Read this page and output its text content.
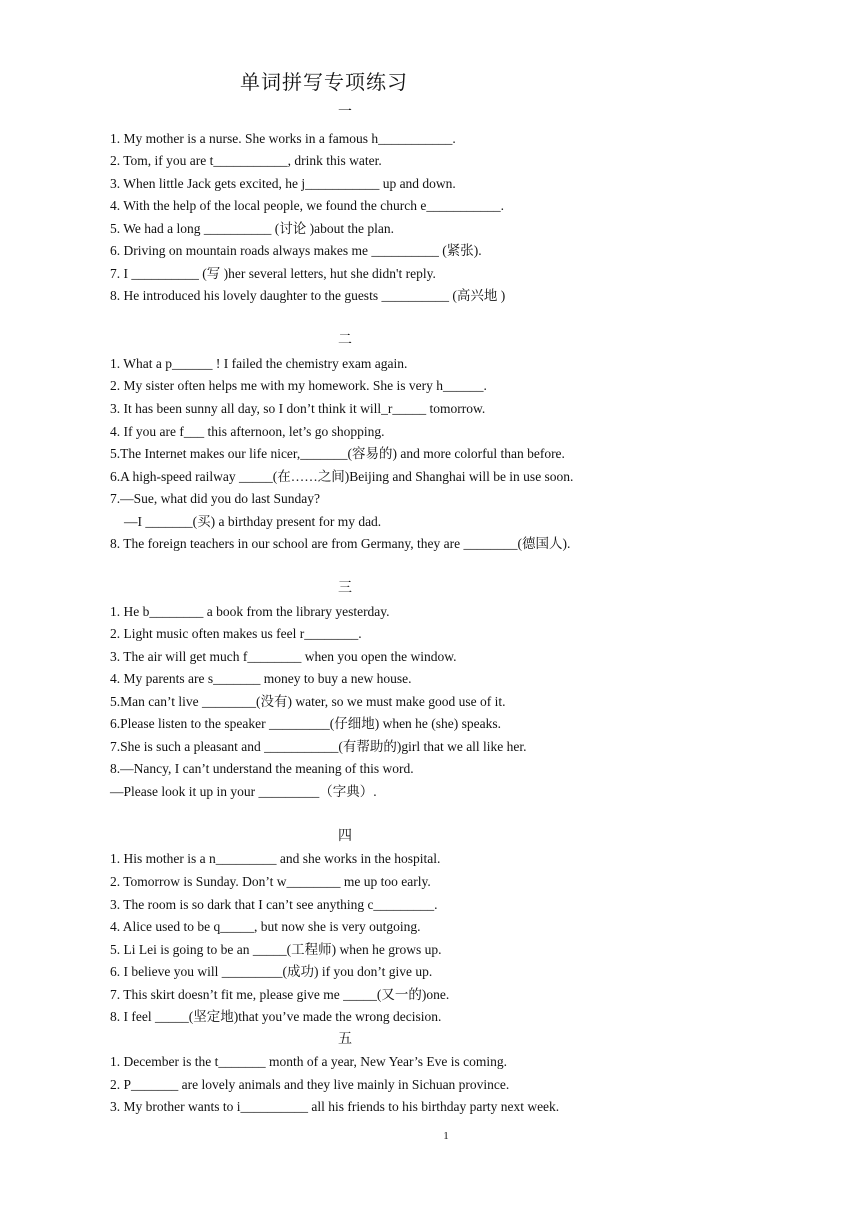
单词拼写专项练习
一
1. My mother is a nurse. She works in a famous h___________.
2. Tom, if you are t___________, drink this water.
3. When little Jack gets excited, he j___________ up and down.
4. With the help of the local people, we found the church e___________.
5. We had a long __________ (讨论 )about the plan.
6. Driving on mountain roads always makes me __________ (紧张).
7. I __________ (写 )her several letters, hut she didn't reply.
8. He introduced his lovely daughter to the guests __________ (高兴地 )
二
1. What a p______ ! I failed the chemistry exam again.
2. My sister often helps me with my homework. She is very h______.
3. It has been sunny all day, so I don’t think it will_r_____ tomorrow.
4. If you are f___ this afternoon, let’s go shopping.
5.The Internet makes our life nicer,_______(容易的) and more colorful than before.
6.A high-speed railway _____(在……之间)Beijing and Shanghai will be in use soon.
7.—Sue, what did you do last Sunday?
—I _______(买) a birthday present for my dad.
8. The foreign teachers in our school are from Germany, they are ________(德国人).
三
1. He b________ a book from the library yesterday.
2. Light music often makes us feel r________.
3. The air will get much f________ when you open the window.
4. My parents are s_______ money to buy a new house.
5.Man can’t live ________(没有) water, so we must make good use of it.
6.Please listen to the speaker _________(仔细地) when he (she) speaks.
7.She is such a pleasant and ___________(有帮助的)girl that we all like her.
8.—Nancy, I can’t understand the meaning of this word.
—Please look it up in your _________（字典）.
四
1. His mother is a n_________ and she works in the hospital.
2. Tomorrow is Sunday. Don’t w________ me up too early.
3. The room is so dark that I can’t see anything c_________.
4. Alice used to be q_____, but now she is very outgoing.
5. Li Lei is going to be an _____(工程师) when he grows up.
6. I believe you will _________(成功) if you don’t give up.
7. This skirt doesn’t fit me, please give me _____(又一的)one.
8. I feel _____(坚定地)that you’ve made the wrong decision.
五
1. December is the t_______ month of a year, New Year’s Eve is coming.
2. P_______ are lovely animals and they live mainly in Sichuan province.
3. My brother wants to i__________ all his friends to his birthday party next week.
1
